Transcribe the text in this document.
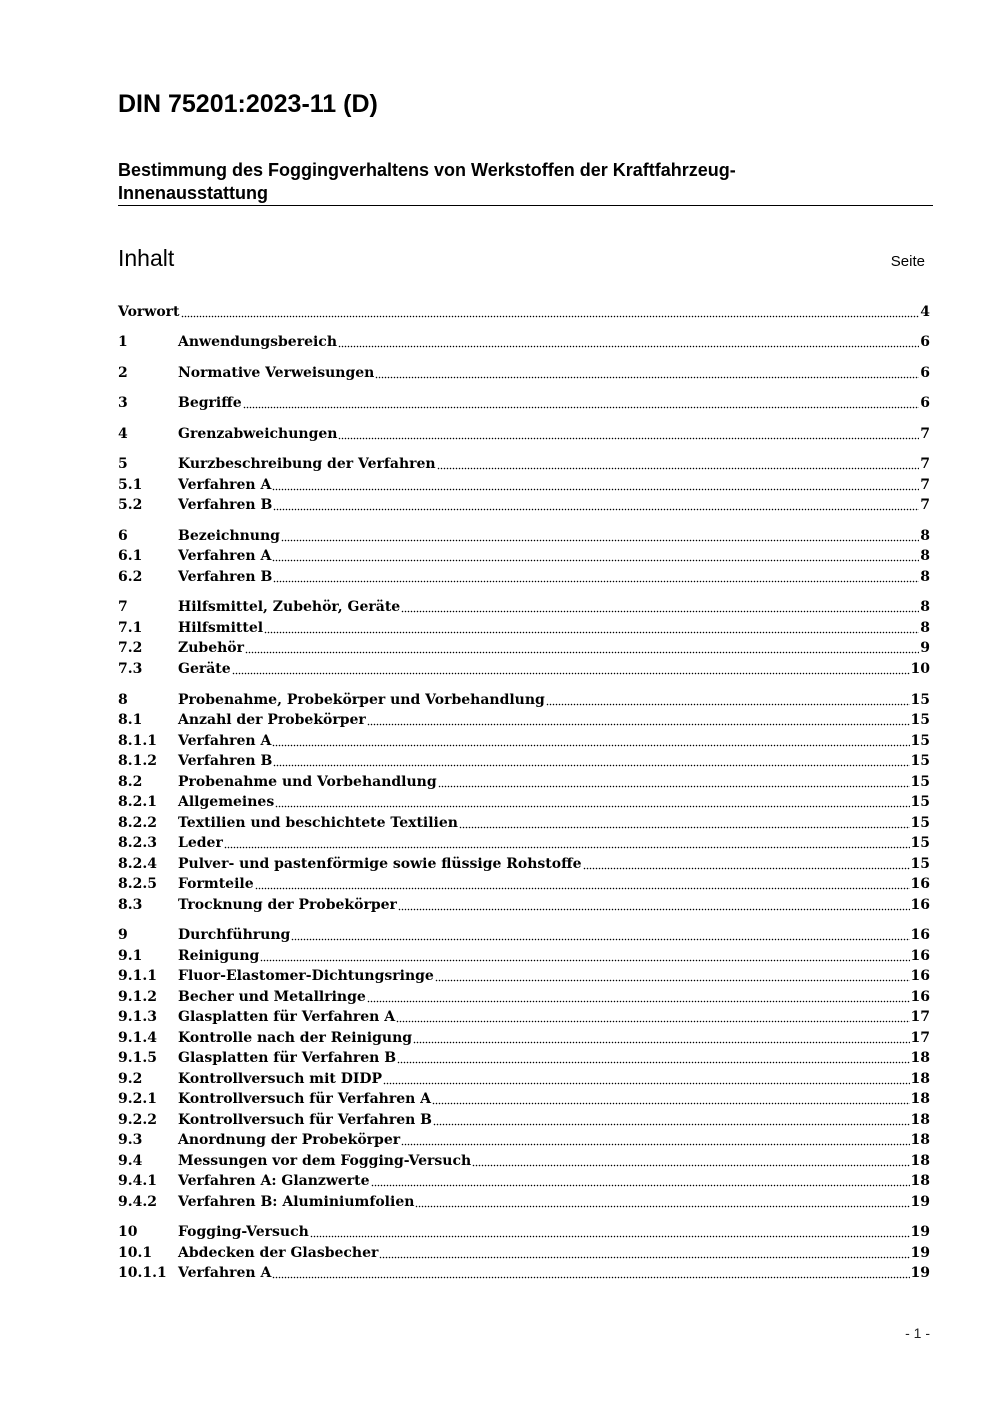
DIN 75201:2023-11 (D)
Bestimmung des Foggingverhaltens von Werkstoffen der Kraftfahrzeug-
Innenausstattung
Inhalt	Seite
Vorwort	4
1	Anwendungsbereich	6
2	Normative Verweisungen	6
3	Begriffe	6
4	Grenzabweichungen	7
5	Kurzbeschreibung der Verfahren	7
5.1	Verfahren A	7
5.2	Verfahren B	7
6	Bezeichnung	8
6.1	Verfahren A	8
6.2	Verfahren B	8
7	Hilfsmittel, Zubehör, Geräte	8
7.1	Hilfsmittel	8
7.2	Zubehör	9
7.3	Geräte	10
8	Probenahme, Probekörper und Vorbehandlung	15
8.1	Anzahl der Probekörper	15
8.1.1	Verfahren A	15
8.1.2	Verfahren B	15
8.2	Probenahme und Vorbehandlung	15
8.2.1	Allgemeines	15
8.2.2	Textilien und beschichtete Textilien	15
8.2.3	Leder	15
8.2.4	Pulver- und pastenförmige sowie flüssige Rohstoffe	15
8.2.5	Formteile	16
8.3	Trocknung der Probekörper	16
9	Durchführung	16
9.1	Reinigung	16
9.1.1	Fluor-Elastomer-Dichtungsringe	16
9.1.2	Becher und Metallringe	16
9.1.3	Glasplatten für Verfahren A	17
9.1.4	Kontrolle nach der Reinigung	17
9.1.5	Glasplatten für Verfahren B	18
9.2	Kontrollversuch mit DIDP	18
9.2.1	Kontrollversuch für Verfahren A	18
9.2.2	Kontrollversuch für Verfahren B	18
9.3	Anordnung der Probekörper	18
9.4	Messungen vor dem Fogging-Versuch	18
9.4.1	Verfahren A: Glanzwerte	18
9.4.2	Verfahren B: Aluminiumfolien	19
10	Fogging-Versuch	19
10.1	Abdecken der Glasbecher	19
10.1.1 Verfahren A	19
- 1 -
